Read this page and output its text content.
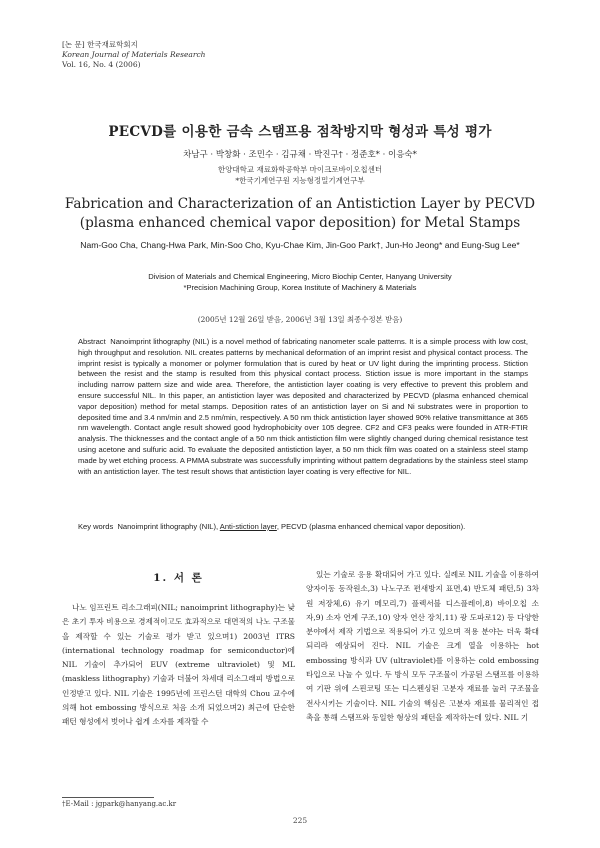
[논 문] 한국재료학회지
Korean Journal of Materials Research
Vol. 16, No. 4 (2006)
PECVD를 이용한 금속 스탬프용 점착방지막 형성과 특성 평가
차남구 · 박창화 · 조민수 · 김규채 · 박진구† · 정준호* · 이응숙*
한양대학교 재료화학공학부 마이크로바이오칩센터
*한국기계연구원 지능형정밀기계연구부
Fabrication and Characterization of an Antistiction Layer by PECVD (plasma enhanced chemical vapor deposition) for Metal Stamps
Nam-Goo Cha, Chang-Hwa Park, Min-Soo Cho, Kyu-Chae Kim, Jin-Goo Park†, Jun-Ho Jeong* and Eung-Sug Lee*
Division of Materials and Chemical Engineering, Micro Biochip Center, Hanyang University
*Precision Machining Group, Korea Institute of Machinery & Materials
(2005년 12월 26일 받음, 2006년 3월 13일 최종수정본 받음)
Abstract Nanoimprint lithography (NIL) is a novel method of fabricating nanometer scale patterns. It is a simple process with low cost, high throughput and resolution. NIL creates patterns by mechanical deformation of an imprint resist and physical contact process. The imprint resist is typically a monomer or polymer formulation that is cured by heat or UV light during the imprinting process. Stiction between the resist and the stamp is resulted from this physical contact process. Stiction issue is more important in the stamps including narrow pattern size and wide area. Therefore, the antistiction layer coating is very effective to prevent this problem and ensure successful NIL. In this paper, an antistiction layer was deposited and characterized by PECVD (plasma enhanced chemical vapor deposition) method for metal stamps. Deposition rates of an antistiction layer on Si and Ni substrates were in proportion to deposited time and 3.4 nm/min and 2.5 nm/min, respectively. A 50 nm thick antistiction layer showed 90% relative transmittance at 365 nm wavelength. Contact angle result showed good hydrophobicity over 105 degree. CF2 and CF3 peaks were founded in ATR-FTIR analysis. The thicknesses and the contact angle of a 50 nm thick antistiction film were slightly changed during chemical resistance test using acetone and sulfuric acid. To evaluate the deposited antistiction layer, a 50 nm thick film was coated on a stainless steel stamp made by wet etching process. A PMMA substrate was successfully imprinting without pattern degradations by the stainless steel stamp with an antistiction layer. The test result shows that antistiction layer coating is very effective for NIL.
Key words Nanoimprint lithography (NIL), Anti-stiction layer, PECVD (plasma enhanced chemical vapor deposition).
1. 서 론

나노 임프린트 리소그래피(NIL; nanoimprint lithography)는 낮은 초기 투자 비용으로 경제적이고도 효과적으로 대면적의 나노 구조물을 제작할 수 있는 기술로 평가 받고 있으며1) 2003년 ITRS (international technology roadmap for semiconductor)에 NIL 기술이 추가되어 EUV (extreme ultraviolet) 및 ML (maskless lithography) 기술과 더불어 차세대 리소그래피 방법으로 인정받고 있다. NIL 기술은 1995년에 프린스턴 대학의 Chou 교수에 의해 hot embossing 방식으로 처음 소개 되었으며2) 최근에 단순한 패턴 형성에서 벗어나 쉽게 소자를 제작할 수

있는 기술로 응용 확대되어 가고 있다. 실례로 NIL 기술을 이용하여 양자이동 동작원소,3) 나노구조 편새방지 표면,4) 반도체 패턴,5) 3차원 저장체,6) 유기 메모리,7) 플렉서블 디스플레이,8) 바이오칩 소자,9) 소자 연계 구조,10) 양자 연산 장치,11) 광 도파로12) 등 다양한 분야에서 제작 기법으로 적용되어 가고 있으며 적용 분야는 더욱 확대 되리라 예상되어 진다. NIL 기술은 크게 열을 이용하는 hot embossing 방식과 UV (ultraviolet)를 이용하는 cold embossing 타입으로 나눌 수 있다. 두 방식 모두 구조물이 가공된 스탬프를 이용하여 기판 위에 스핀코팅 또는 디스펜싱된 고분자 재료를 눌러 구조물을 전사시키는 기술이다. NIL 기술의 핵심은 고분자 재료를 물리적인 접촉을 통해 스탬프와 동일한 형상의 패턴을 제작하는데 있다. NIL 기

†E-Mail : jgpark@hanyang.ac.kr
225
